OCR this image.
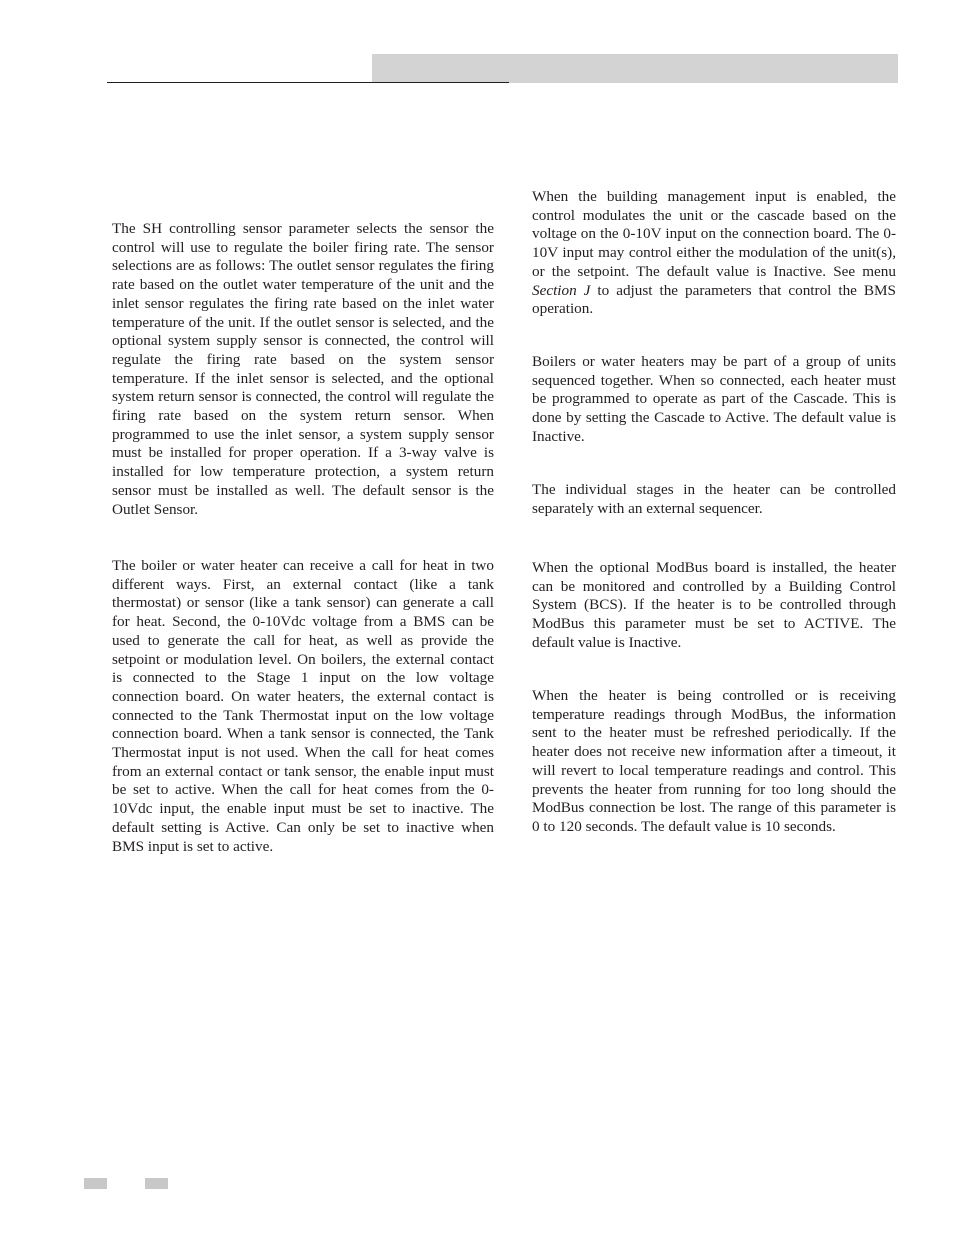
The SH controlling sensor parameter selects the sensor the control will use to regulate the boiler firing rate. The sensor selections are as follows: The outlet sensor regulates the firing rate based on the outlet water temperature of the unit and the inlet sensor regulates the firing rate based on the inlet water temperature of the unit. If the outlet sensor is selected, and the optional system supply sensor is connected, the control will regulate the firing rate based on the system sensor temperature. If the inlet sensor is selected, and the optional system return sensor is connected, the control will regulate the firing rate based on the system return sensor. When programmed to use the inlet sensor, a system supply sensor must be installed for proper operation. If a 3-way valve is installed for low temperature protection, a system return sensor must be installed as well. The default sensor is the Outlet Sensor.

The boiler or water heater can receive a call for heat in two different ways. First, an external contact (like a tank thermostat) or sensor (like a tank sensor) can generate a call for heat. Second, the 0-10Vdc voltage from a BMS can be used to generate the call for heat, as well as provide the setpoint or modulation level. On boilers, the external contact is connected to the Stage 1 input on the low voltage connection board. On water heaters, the external contact is connected to the Tank Thermostat input on the low voltage connection board. When a tank sensor is connected, the Tank Thermostat input is not used. When the call for heat comes from an external contact or tank sensor, the enable input must be set to active. When the call for heat comes from the 0-10Vdc input, the enable input must be set to inactive. The default setting is Active. Can only be set to inactive when BMS input is set to active.

When the building management input is enabled, the control modulates the unit or the cascade based on the voltage on the 0-10V input on the connection board. The 0-10V input may control either the modulation of the unit(s), or the setpoint. The default value is Inactive. See menu Section J to adjust the parameters that control the BMS operation.

Boilers or water heaters may be part of a group of units sequenced together. When so connected, each heater must be programmed to operate as part of the Cascade. This is done by setting the Cascade to Active. The default value is Inactive.

The individual stages in the heater can be controlled separately with an external sequencer.

When the optional ModBus board is installed, the heater can be monitored and controlled by a Building Control System (BCS). If the heater is to be controlled through ModBus this parameter must be set to ACTIVE. The default value is Inactive.

When the heater is being controlled or is receiving temperature readings through ModBus, the information sent to the heater must be refreshed periodically. If the heater does not receive new information after a timeout, it will revert to local temperature readings and control. This prevents the heater from running for too long should the ModBus connection be lost. The range of this parameter is 0 to 120 seconds. The default value is 10 seconds.
